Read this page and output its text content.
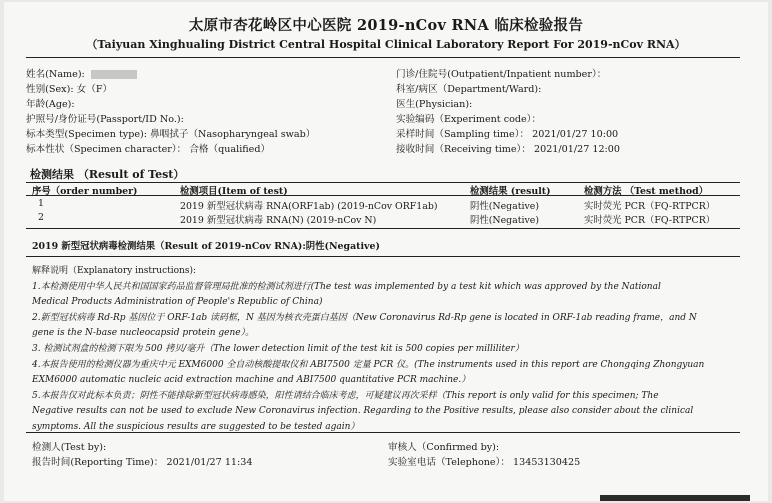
太原市杏花岭区中心医院 2019-nCov RNA 临床检验报告
（Taiyuan Xinghualing District Central Hospital Clinical Laboratory Report For 2019-nCov RNA）
姓名(Name):
性别(Sex): 女（F）
年龄(Age):
护照号/身份证号(Passport/ID No.):
标本类型(Specimen type): 鼻咽拭子（Nasopharyngeal swab）
标本性状（Specimen character）： 合格（qualified）
门诊/住院号(Outpatient/Inpatient number）：
科室/病区（Department/Ward):
医生(Physician):
实验编码（Experiment code）：
采样时间（Sampling time）： 2021/01/27 10:00
接收时间（Receiving time）： 2021/01/27 12:00
检测结果 （Result of Test）
序号（order number)	检测项目(Item of test)	检测结果 (result)	检测方法 （Test method）
1	2019 新型冠状病毒 RNA(ORF1ab) (2019-nCov ORF1ab)	阴性(Negative)	实时荧光 PCR（FQ-RTPCR）
2	2019 新型冠状病毒 RNA(N) (2019-nCov N)	阴性(Negative)	实时荧光 PCR（FQ-RTPCR）
2019 新型冠状病毒检测结果（Result of 2019-nCov RNA):阴性(Negative)
解释说明（Explanatory instructions):
1.本检测使用中华人民共和国国家药品监督管理局批准的检测试剂进行(The test was implemented by a test kit which was approved by the National
Medical Products Administration of People's Republic of China)
2.新型冠状病毒 Rd-Rp 基因位于 ORF-1ab 读码框，N 基因为核衣壳蛋白基因（New Coronavirus Rd-Rp gene is located in ORF-1ab reading frame，and N
gene is the N-base nucleocapsid protein gene）。
3. 检测试剂盒的检测下限为 500 拷贝/毫升（The lower detection limit of the test kit is 500 copies per milliliter）
4.本报告使用的检测仪器为重庆中元 EXM6000 全自动核酸提取仪和 ABI7500 定量 PCR 仪。(The instruments used in this report are Chongqing Zhongyuan
EXM6000 automatic nucleic acid extraction machine and ABI7500 quantitative PCR machine.）
5.本报告仅对此标本负责；阴性不能排除新型冠状病毒感染，阳性请结合临床考虑，可疑建议再次采样（This report is only valid for this specimen; The
Negative results can not be used to exclude New Coronavirus infection. Regarding to the Positive results, please also consider about the clinical
symptoms. All the suspicious results are suggested to be tested again）
检测人(Test by):
报告时间(Reporting Time)： 2021/01/27 11:34
审核人（Confirmed by):
实验室电话（Telephone）： 13453130425
